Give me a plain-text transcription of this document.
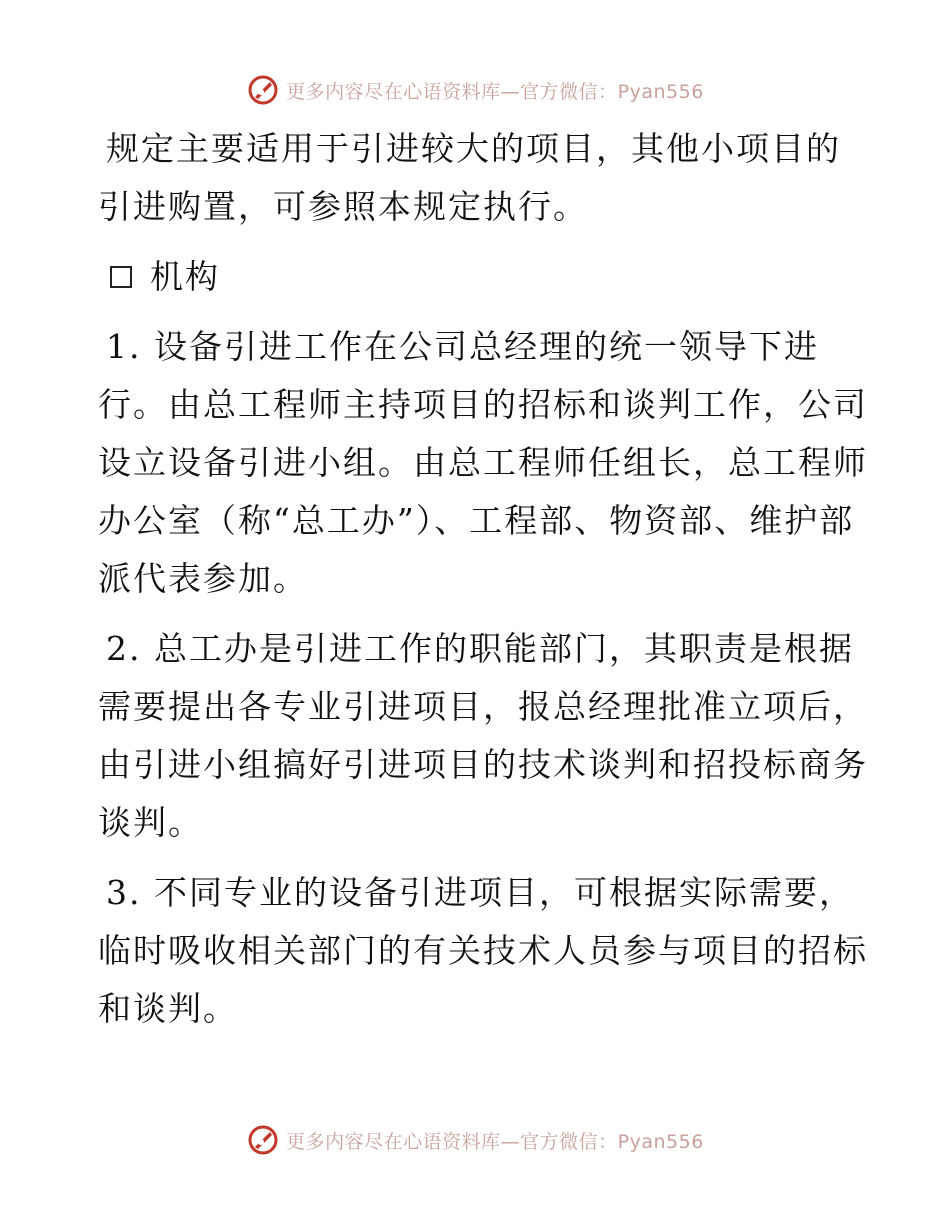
更多内容尽在心语资料库—官方微信：Pyan556
规定主要适用于引进较大的项目，其他小项目的
引进购置，可参照本规定执行。
机构
1. 设备引进工作在公司总经理的统一领导下进
行。由总工程师主持项目的招标和谈判工作，公司
设立设备引进小组。由总工程师任组长，总工程师
办公室（称“总工办”）、工程部、物资部、维护部
派代表参加。
2. 总工办是引进工作的职能部门，其职责是根据
需要提出各专业引进项目，报总经理批准立项后，
由引进小组搞好引进项目的技术谈判和招投标商务
谈判。
3. 不同专业的设备引进项目，可根据实际需要，
临时吸收相关部门的有关技术人员参与项目的招标
和谈判。
更多内容尽在心语资料库—官方微信：Pyan556
